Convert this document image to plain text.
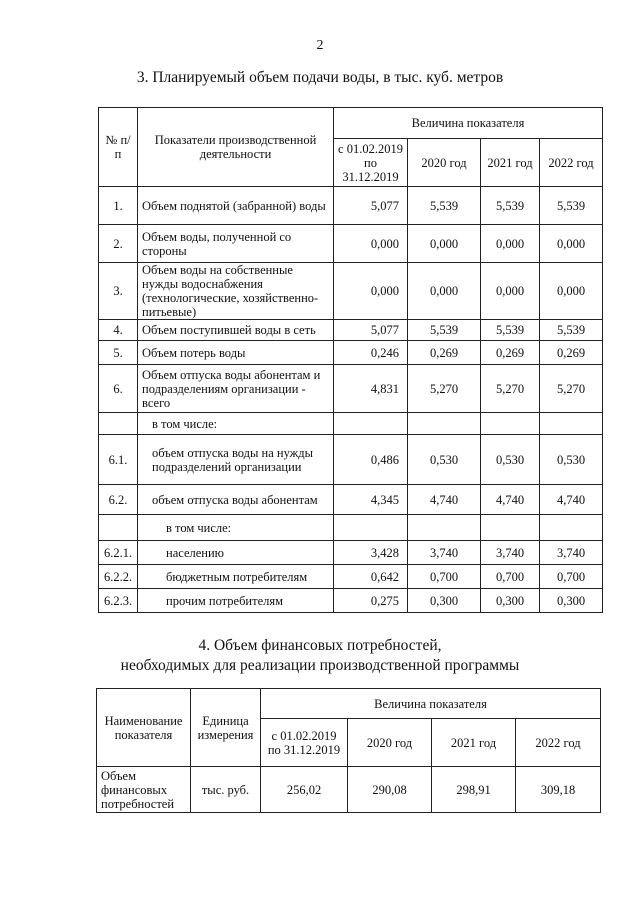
2
3. Планируемый объем подачи воды, в тыс. куб. метров
№ п/п	Показатели производственной деятельности	Величина показателя			
		с 01.02.2019 по 31.12.2019	2020 год	2021 год	2022 год
1.	Объем поднятой (забранной) воды	5,077	5,539	5,539	5,539
2.	Объем воды, полученной со стороны	0,000	0,000	0,000	0,000
3.	Объем воды на собственные нужды водоснабжения (технологические, хозяйственно-питьевые)	0,000	0,000	0,000	0,000
4.	Объем поступившей воды в сеть	5,077	5,539	5,539	5,539
5.	Объем потерь воды	0,246	0,269	0,269	0,269
6.	Объем отпуска воды абонентам и подразделениям организации - всего	4,831	5,270	5,270	5,270
	в том числе:				
6.1.	объем отпуска воды на нужды подразделений организации	0,486	0,530	0,530	0,530
6.2.	объем отпуска воды абонентам	4,345	4,740	4,740	4,740
	в том числе:				
6.2.1.	населению	3,428	3,740	3,740	3,740
6.2.2.	бюджетным потребителям	0,642	0,700	0,700	0,700
6.2.3.	прочим потребителям	0,275	0,300	0,300	0,300
4. Объем финансовых потребностей,
необходимых для реализации производственной программы
Наименование показателя	Единица измерения	Величина показателя			
		с 01.02.2019 по 31.12.2019	2020 год	2021 год	2022 год
Объем финансовых потребностей	тыс. руб.	256,02	290,08	298,91	309,18
